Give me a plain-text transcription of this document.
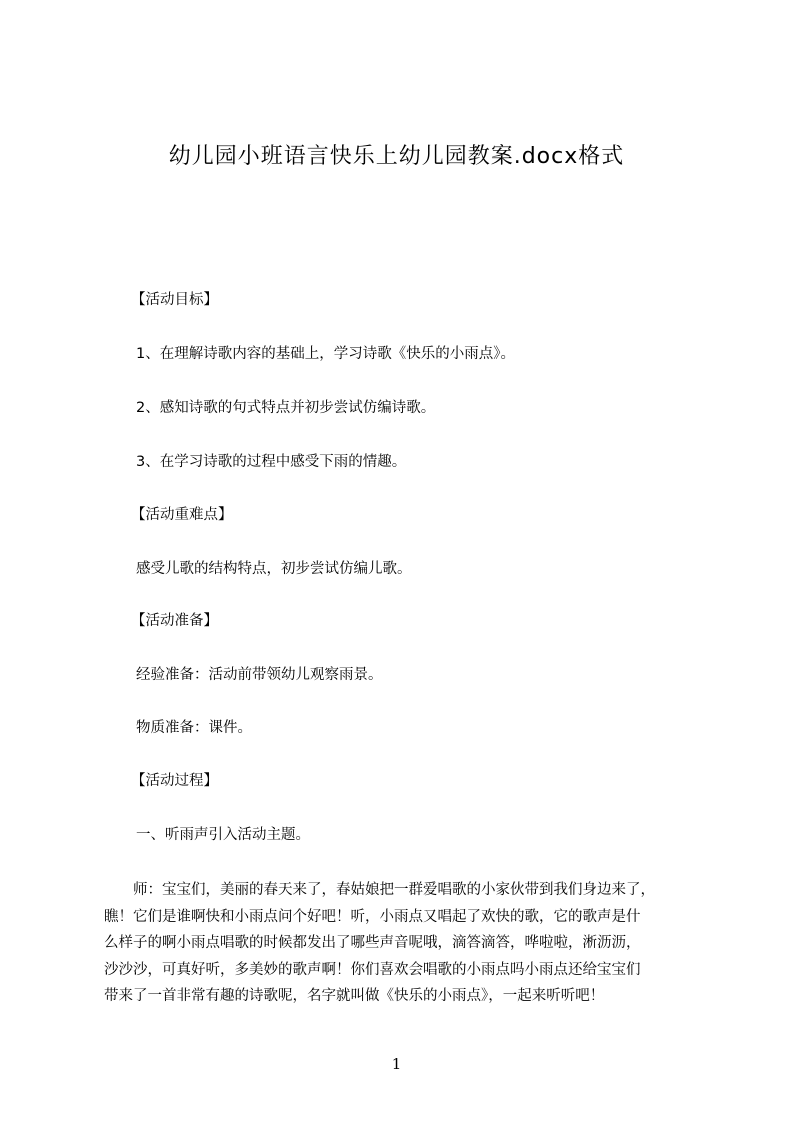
幼儿园小班语言快乐上幼儿园教案.docx格式
【活动目标】
1、在理解诗歌内容的基础上，学习诗歌《快乐的小雨点》。
2、感知诗歌的句式特点并初步尝试仿编诗歌。
3、在学习诗歌的过程中感受下雨的情趣。
【活动重难点】
感受儿歌的结构特点，初步尝试仿编儿歌。
【活动准备】
经验准备：活动前带领幼儿观察雨景。
物质准备：课件。
【活动过程】
一、听雨声引入活动主题。
　　师：宝宝们，美丽的春天来了，春姑娘把一群爱唱歌的小家伙带到我们身边来了，
瞧！它们是谁啊快和小雨点问个好吧！听，小雨点又唱起了欢快的歌，它的歌声是什
么样子的啊小雨点唱歌的时候都发出了哪些声音呢哦，滴答滴答，哗啦啦，淅沥沥，
沙沙沙，可真好听，多美妙的歌声啊！你们喜欢会唱歌的小雨点吗小雨点还给宝宝们
带来了一首非常有趣的诗歌呢，名字就叫做《快乐的小雨点》，一起来听听吧！
1
